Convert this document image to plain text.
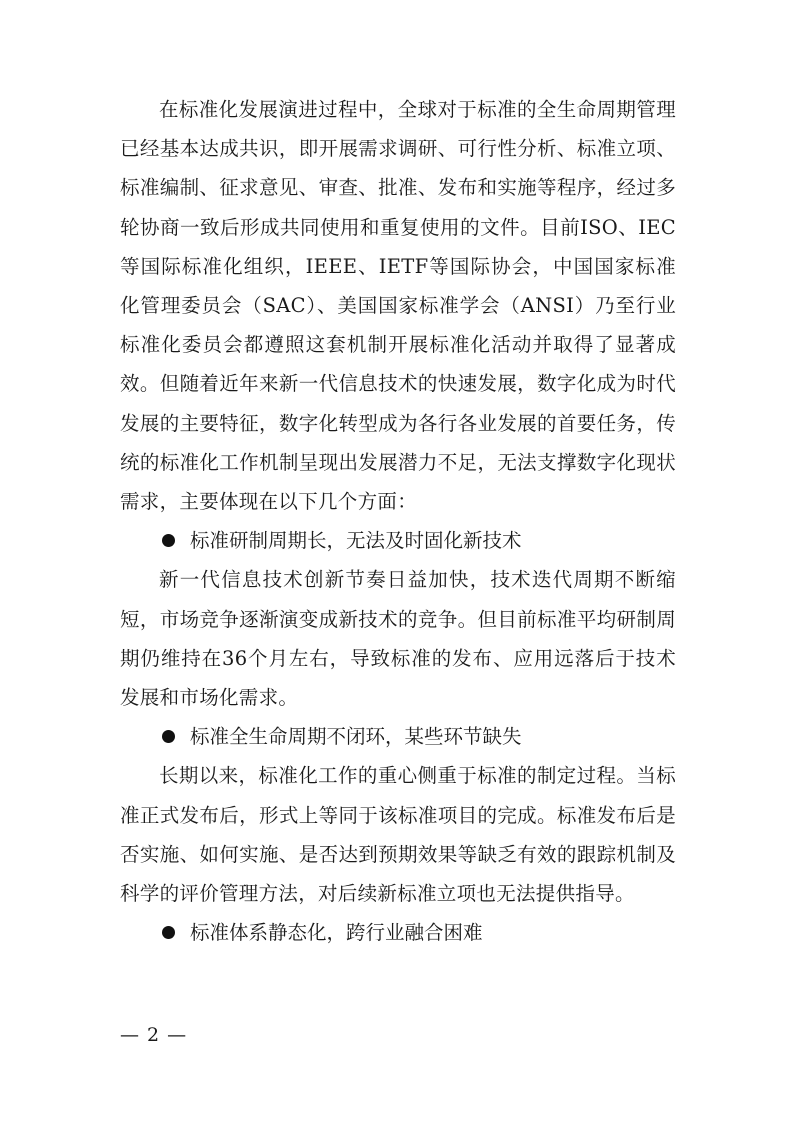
在标准化发展演进过程中，全球对于标准的全生命周期管理已经基本达成共识，即开展需求调研、可行性分析、标准立项、标准编制、征求意见、审查、批准、发布和实施等程序，经过多轮协商一致后形成共同使用和重复使用的文件。目前ISO、IEC等国际标准化组织，IEEE、IETF等国际协会，中国国家标准化管理委员会（SAC）、美国国家标准学会（ANSI）乃至行业标准化委员会都遵照这套机制开展标准化活动并取得了显著成效。但随着近年来新一代信息技术的快速发展，数字化成为时代发展的主要特征，数字化转型成为各行各业发展的首要任务，传统的标准化工作机制呈现出发展潜力不足，无法支撑数字化现状需求，主要体现在以下几个方面：

标准研制周期长，无法及时固化新技术

新一代信息技术创新节奏日益加快，技术迭代周期不断缩短，市场竞争逐渐演变成新技术的竞争。但目前标准平均研制周期仍维持在36个月左右，导致标准的发布、应用远落后于技术发展和市场化需求。

标准全生命周期不闭环，某些环节缺失

长期以来，标准化工作的重心侧重于标准的制定过程。当标准正式发布后，形式上等同于该标准项目的完成。标准发布后是否实施、如何实施、是否达到预期效果等缺乏有效的跟踪机制及科学的评价管理方法，对后续新标准立项也无法提供指导。

标准体系静态化，跨行业融合困难

— 2 —
